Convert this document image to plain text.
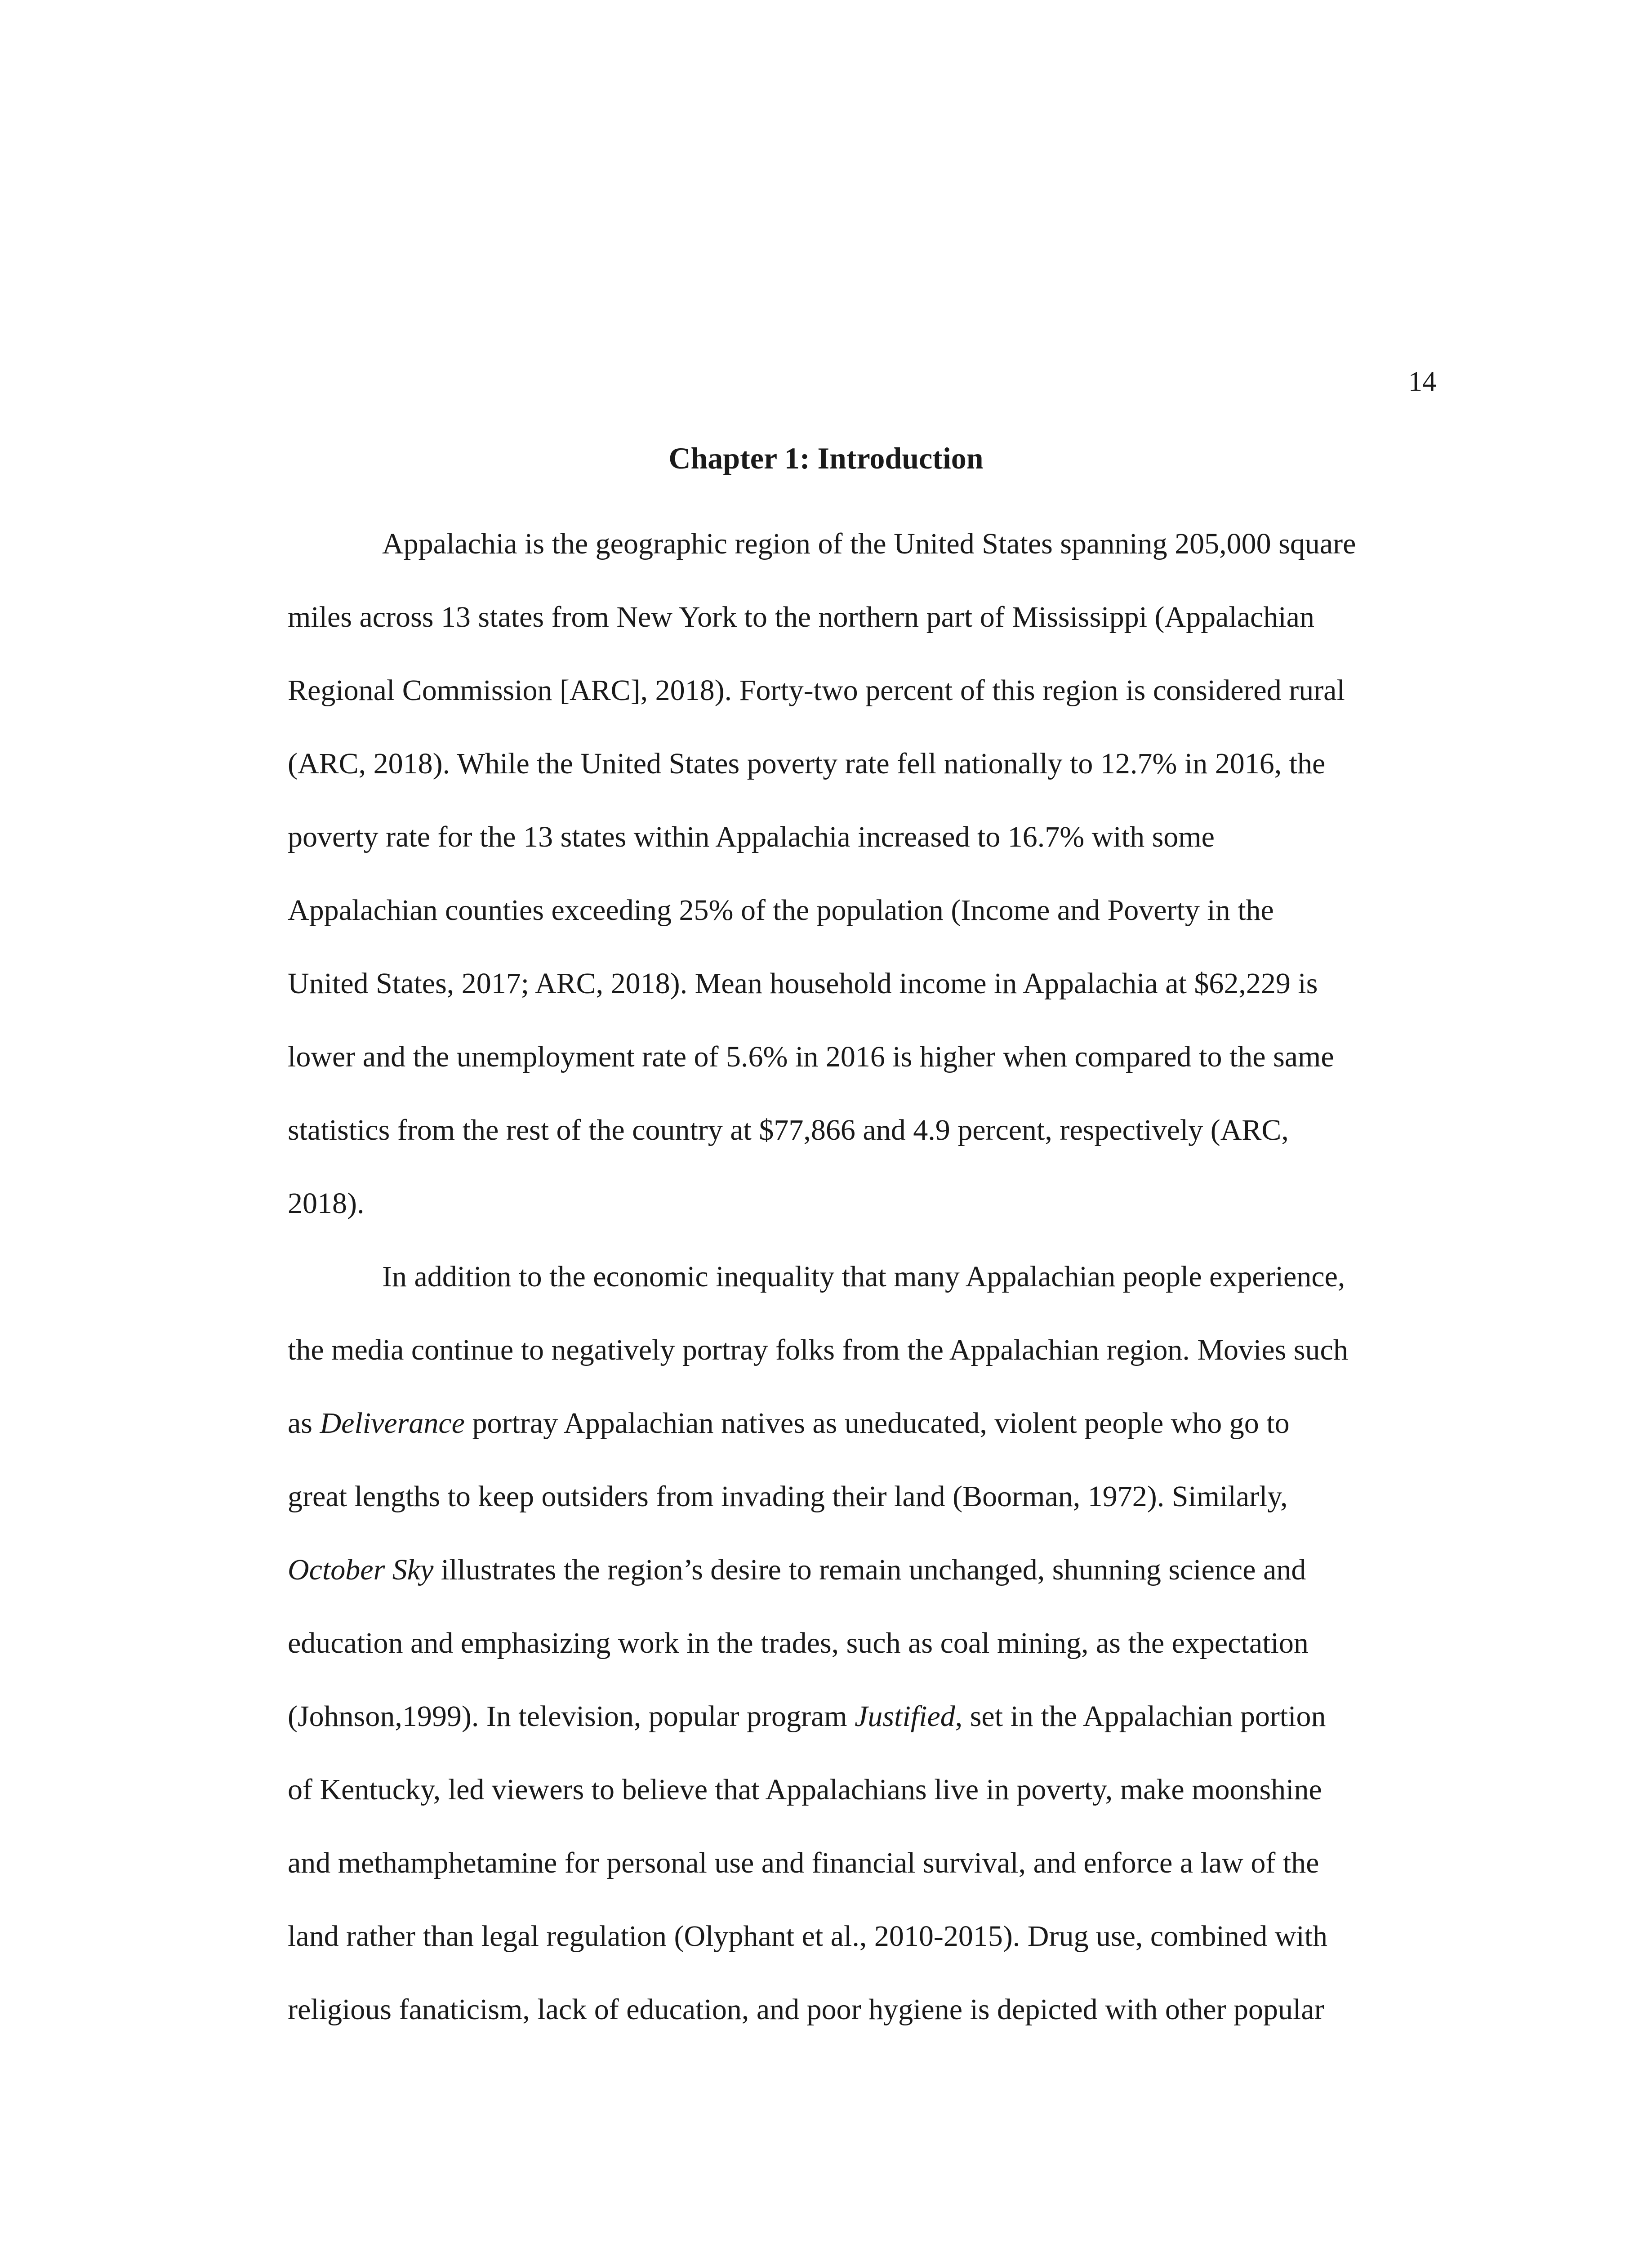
14
Chapter 1: Introduction
Appalachia is the geographic region of the United States spanning 205,000 square
miles across 13 states from New York to the northern part of Mississippi (Appalachian
Regional Commission [ARC], 2018). Forty-two percent of this region is considered rural
(ARC, 2018). While the United States poverty rate fell nationally to 12.7% in 2016, the
poverty rate for the 13 states within Appalachia increased to 16.7% with some
Appalachian counties exceeding 25% of the population (Income and Poverty in the
United States, 2017; ARC, 2018). Mean household income in Appalachia at $62,229 is
lower and the unemployment rate of 5.6% in 2016 is higher when compared to the same
statistics from the rest of the country at $77,866 and 4.9 percent, respectively (ARC,
2018).
In addition to the economic inequality that many Appalachian people experience,
the media continue to negatively portray folks from the Appalachian region. Movies such
as Deliverance portray Appalachian natives as uneducated, violent people who go to
great lengths to keep outsiders from invading their land (Boorman, 1972). Similarly,
October Sky illustrates the region’s desire to remain unchanged, shunning science and
education and emphasizing work in the trades, such as coal mining, as the expectation
(Johnson,1999). In television, popular program Justified, set in the Appalachian portion
of Kentucky, led viewers to believe that Appalachians live in poverty, make moonshine
and methamphetamine for personal use and financial survival, and enforce a law of the
land rather than legal regulation (Olyphant et al., 2010-2015). Drug use, combined with
religious fanaticism, lack of education, and poor hygiene is depicted with other popular
